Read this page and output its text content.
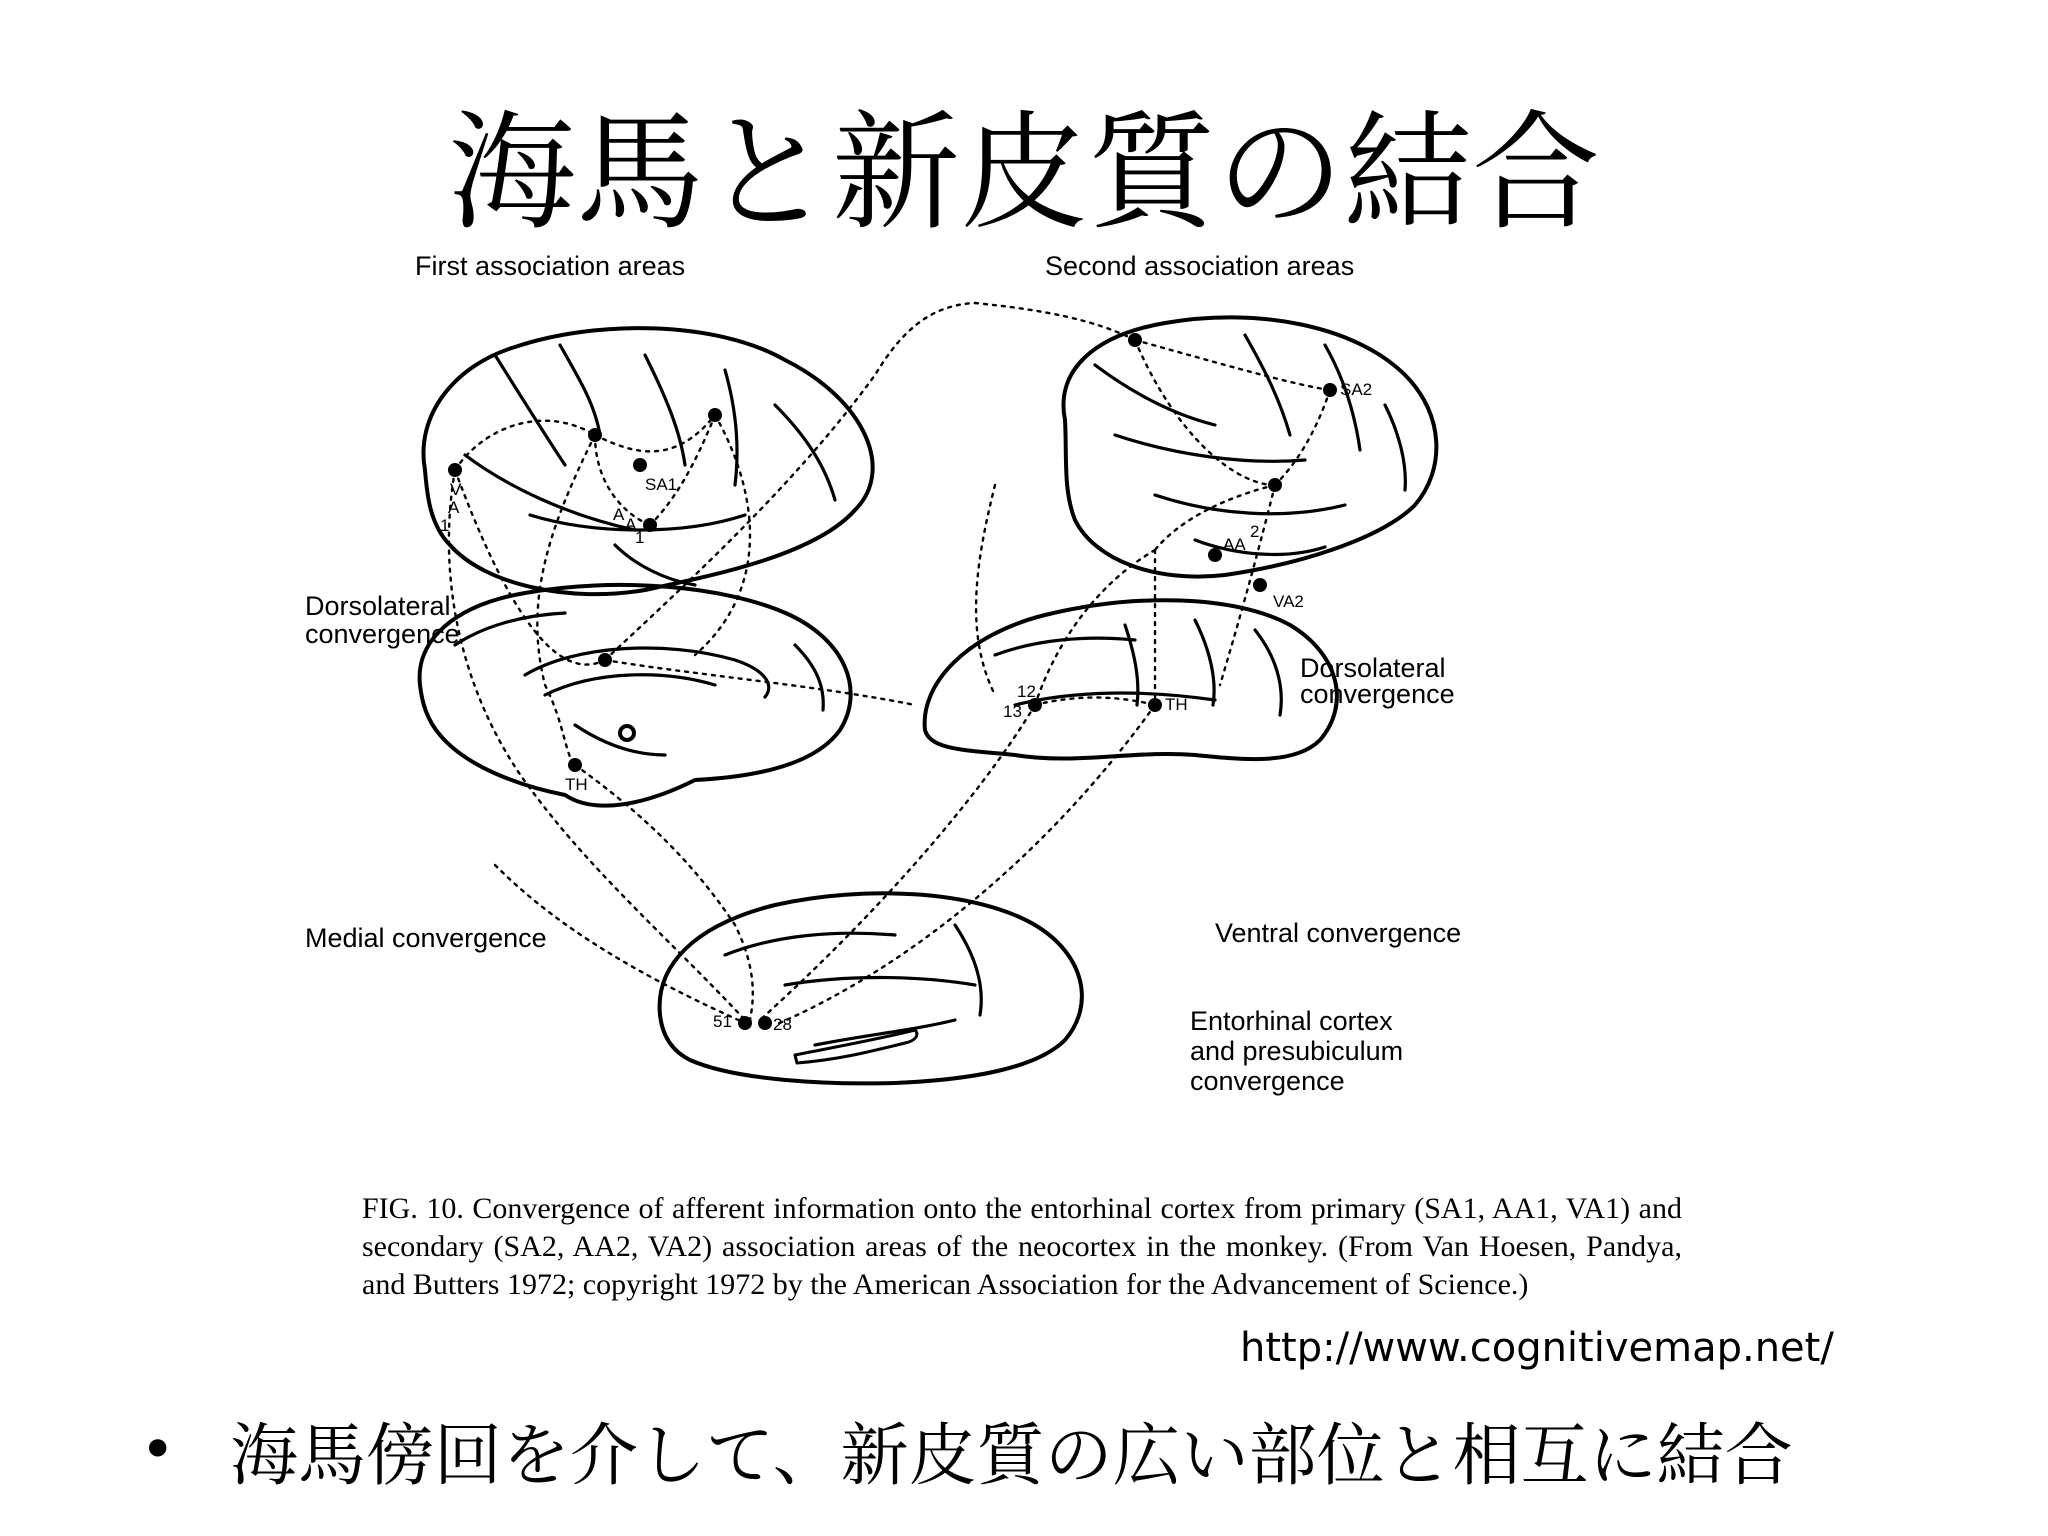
海馬と新皮質の結合
First association areas	Second association areas
Dorsolateral
convergence
Dorsolateral
convergence
Medial convergence	Ventral convergence
Entorhinal cortex
and presubiculum
convergence
V
A
1
SA1
A
A
1
SA2
AA
2
VA2
TH
12
13	TH
51 28
FIG. 10. Convergence of afferent information onto the entorhinal cortex from primary (SA1, AA1, VA1) and secondary (SA2, AA2, VA2) association areas of the neocortex in the monkey. (From Van Hoesen, Pandya, and Butters 1972; copyright 1972 by the American Association for the Advancement of Science.)
http://www.cognitivemap.net/
• 海馬傍回を介して、新皮質の広い部位と相互に結合
